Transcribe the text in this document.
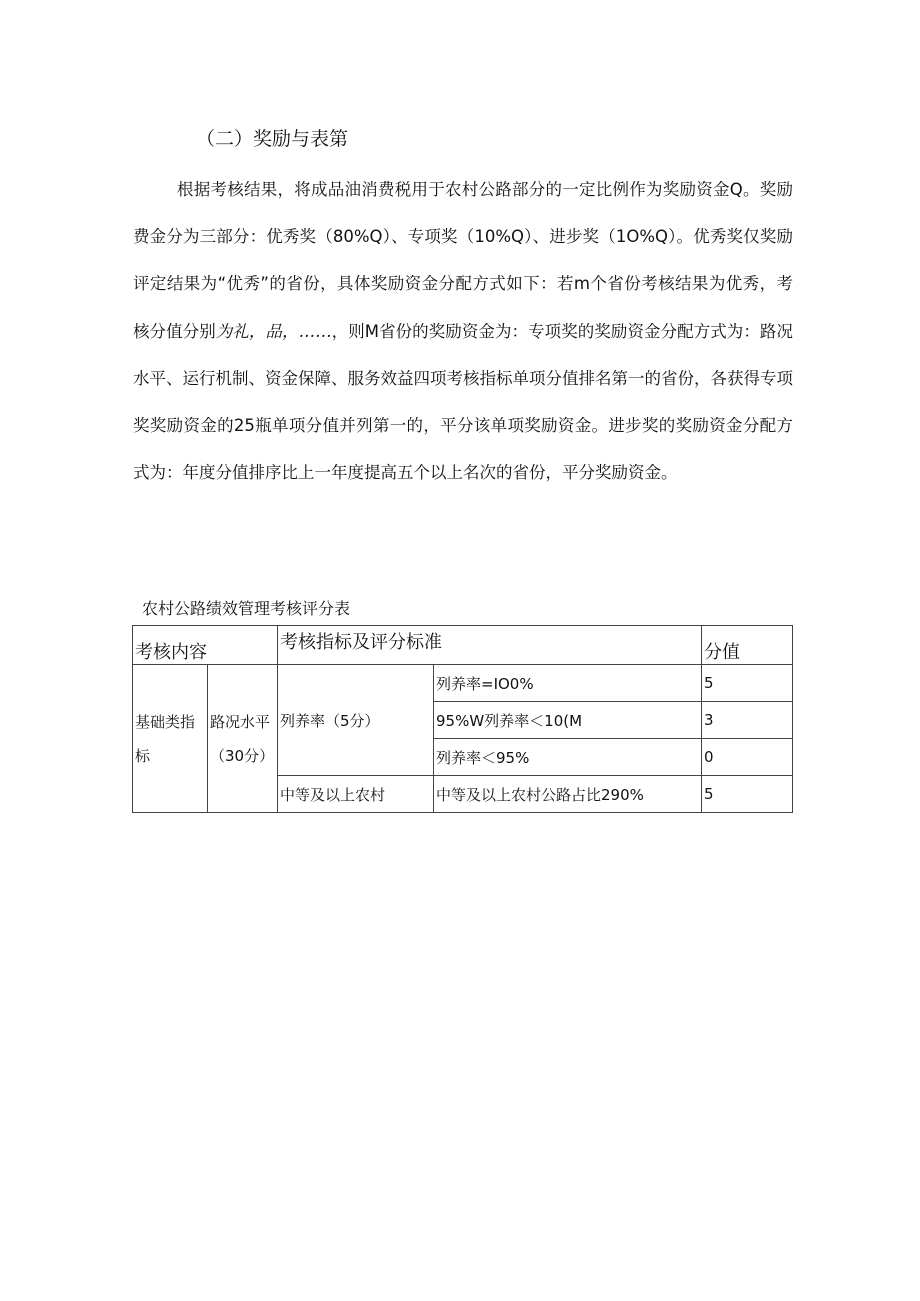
（二）奖励与表第

根据考核结果，将成品油消费税用于农村公路部分的一定比例作为奖励资金Q。奖励费金分为三部分：优秀奖（80%Q）、专项奖（10%Q）、进步奖（1O%Q）。优秀奖仅奖励评定结果为“优秀”的省份，具体奖励资金分配方式如下：若m个省份考核结果为优秀，考核分值分别为礼，品，……，则M省份的奖励资金为：专项奖的奖励资金分配方式为：路况水平、运行机制、资金保障、服务效益四项考核指标单项分值排名第一的省份，各获得专项奖奖励资金的25瓶单项分值并列第一的，平分该单项奖励资金。进步奖的奖励资金分配方式为：年度分值排序比上一年度提高五个以上名次的省份，平分奖励资金。

农村公路绩效管理考核评分表
考核内容		考核指标及评分标准		分值
基础类指标	路况水平（30分）	列养率（5分）	列养率=IO0%	5
			95%W列养率＜10(M	3
			列养率＜95%	0
		中等及以上农村	中等及以上农村公路占比290%	5
